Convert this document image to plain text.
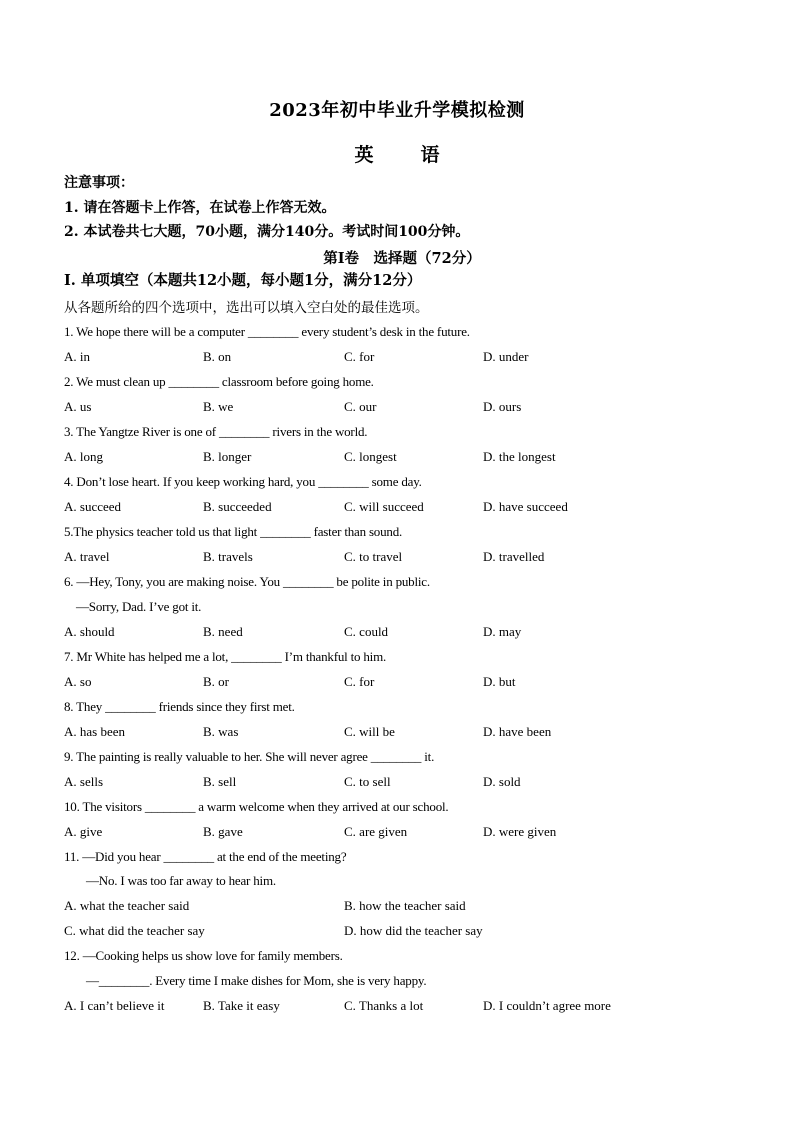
2023年初中毕业升学模拟检测
英　语
注意事项：
1. 请在答题卡上作答，在试卷上作答无效。
2. 本试卷共七大题，70小题，满分140分。考试时间100分钟。
第Ⅰ卷　选择题（72分）
Ⅰ. 单项填空（本题共12小题，每小题1分，满分12分）
从各题所给的四个选项中，选出可以填入空白处的最佳选项。
1. We hope there will be a computer ________ every student’s desk in the future.
A. in	B. on	C. for	D. under
2. We must clean up ________ classroom before going home.
A. us	B. we	C. our	D. ours
3. The Yangtze River is one of ________ rivers in the world.
A. long	B. longer	C. longest	D. the longest
4. Don’t lose heart. If you keep working hard, you ________ some day.
A. succeed	B. succeeded	C. will succeed	D. have succeed
5.The physics teacher told us that light ________ faster than sound.
A. travel	B. travels	C. to travel	D. travelled
6. —Hey, Tony, you are making noise. You ________ be polite in public.
—Sorry, Dad. I’ve got it.
A. should	B. need	C. could	D. may
7. Mr White has helped me a lot, ________ I’m thankful to him.
A. so	B. or	C. for	D. but
8. They ________ friends since they first met.
A. has been	B. was	C. will be	D. have been
9. The painting is really valuable to her. She will never agree ________ it.
A. sells	B. sell	C. to sell	D. sold
10. The visitors ________ a warm welcome when they arrived at our school.
A. give	B. gave	C. are given	D. were given
11. —Did you hear ________ at the end of the meeting?
—No. I was too far away to hear him.
A. what the teacher said	B. how the teacher said
C. what did the teacher say	D. how did the teacher say
12. —Cooking helps us show love for family members.
—________. Every time I make dishes for Mom, she is very happy.
A. I can’t believe it	B. Take it easy	C. Thanks a lot	D. I couldn’t agree more
